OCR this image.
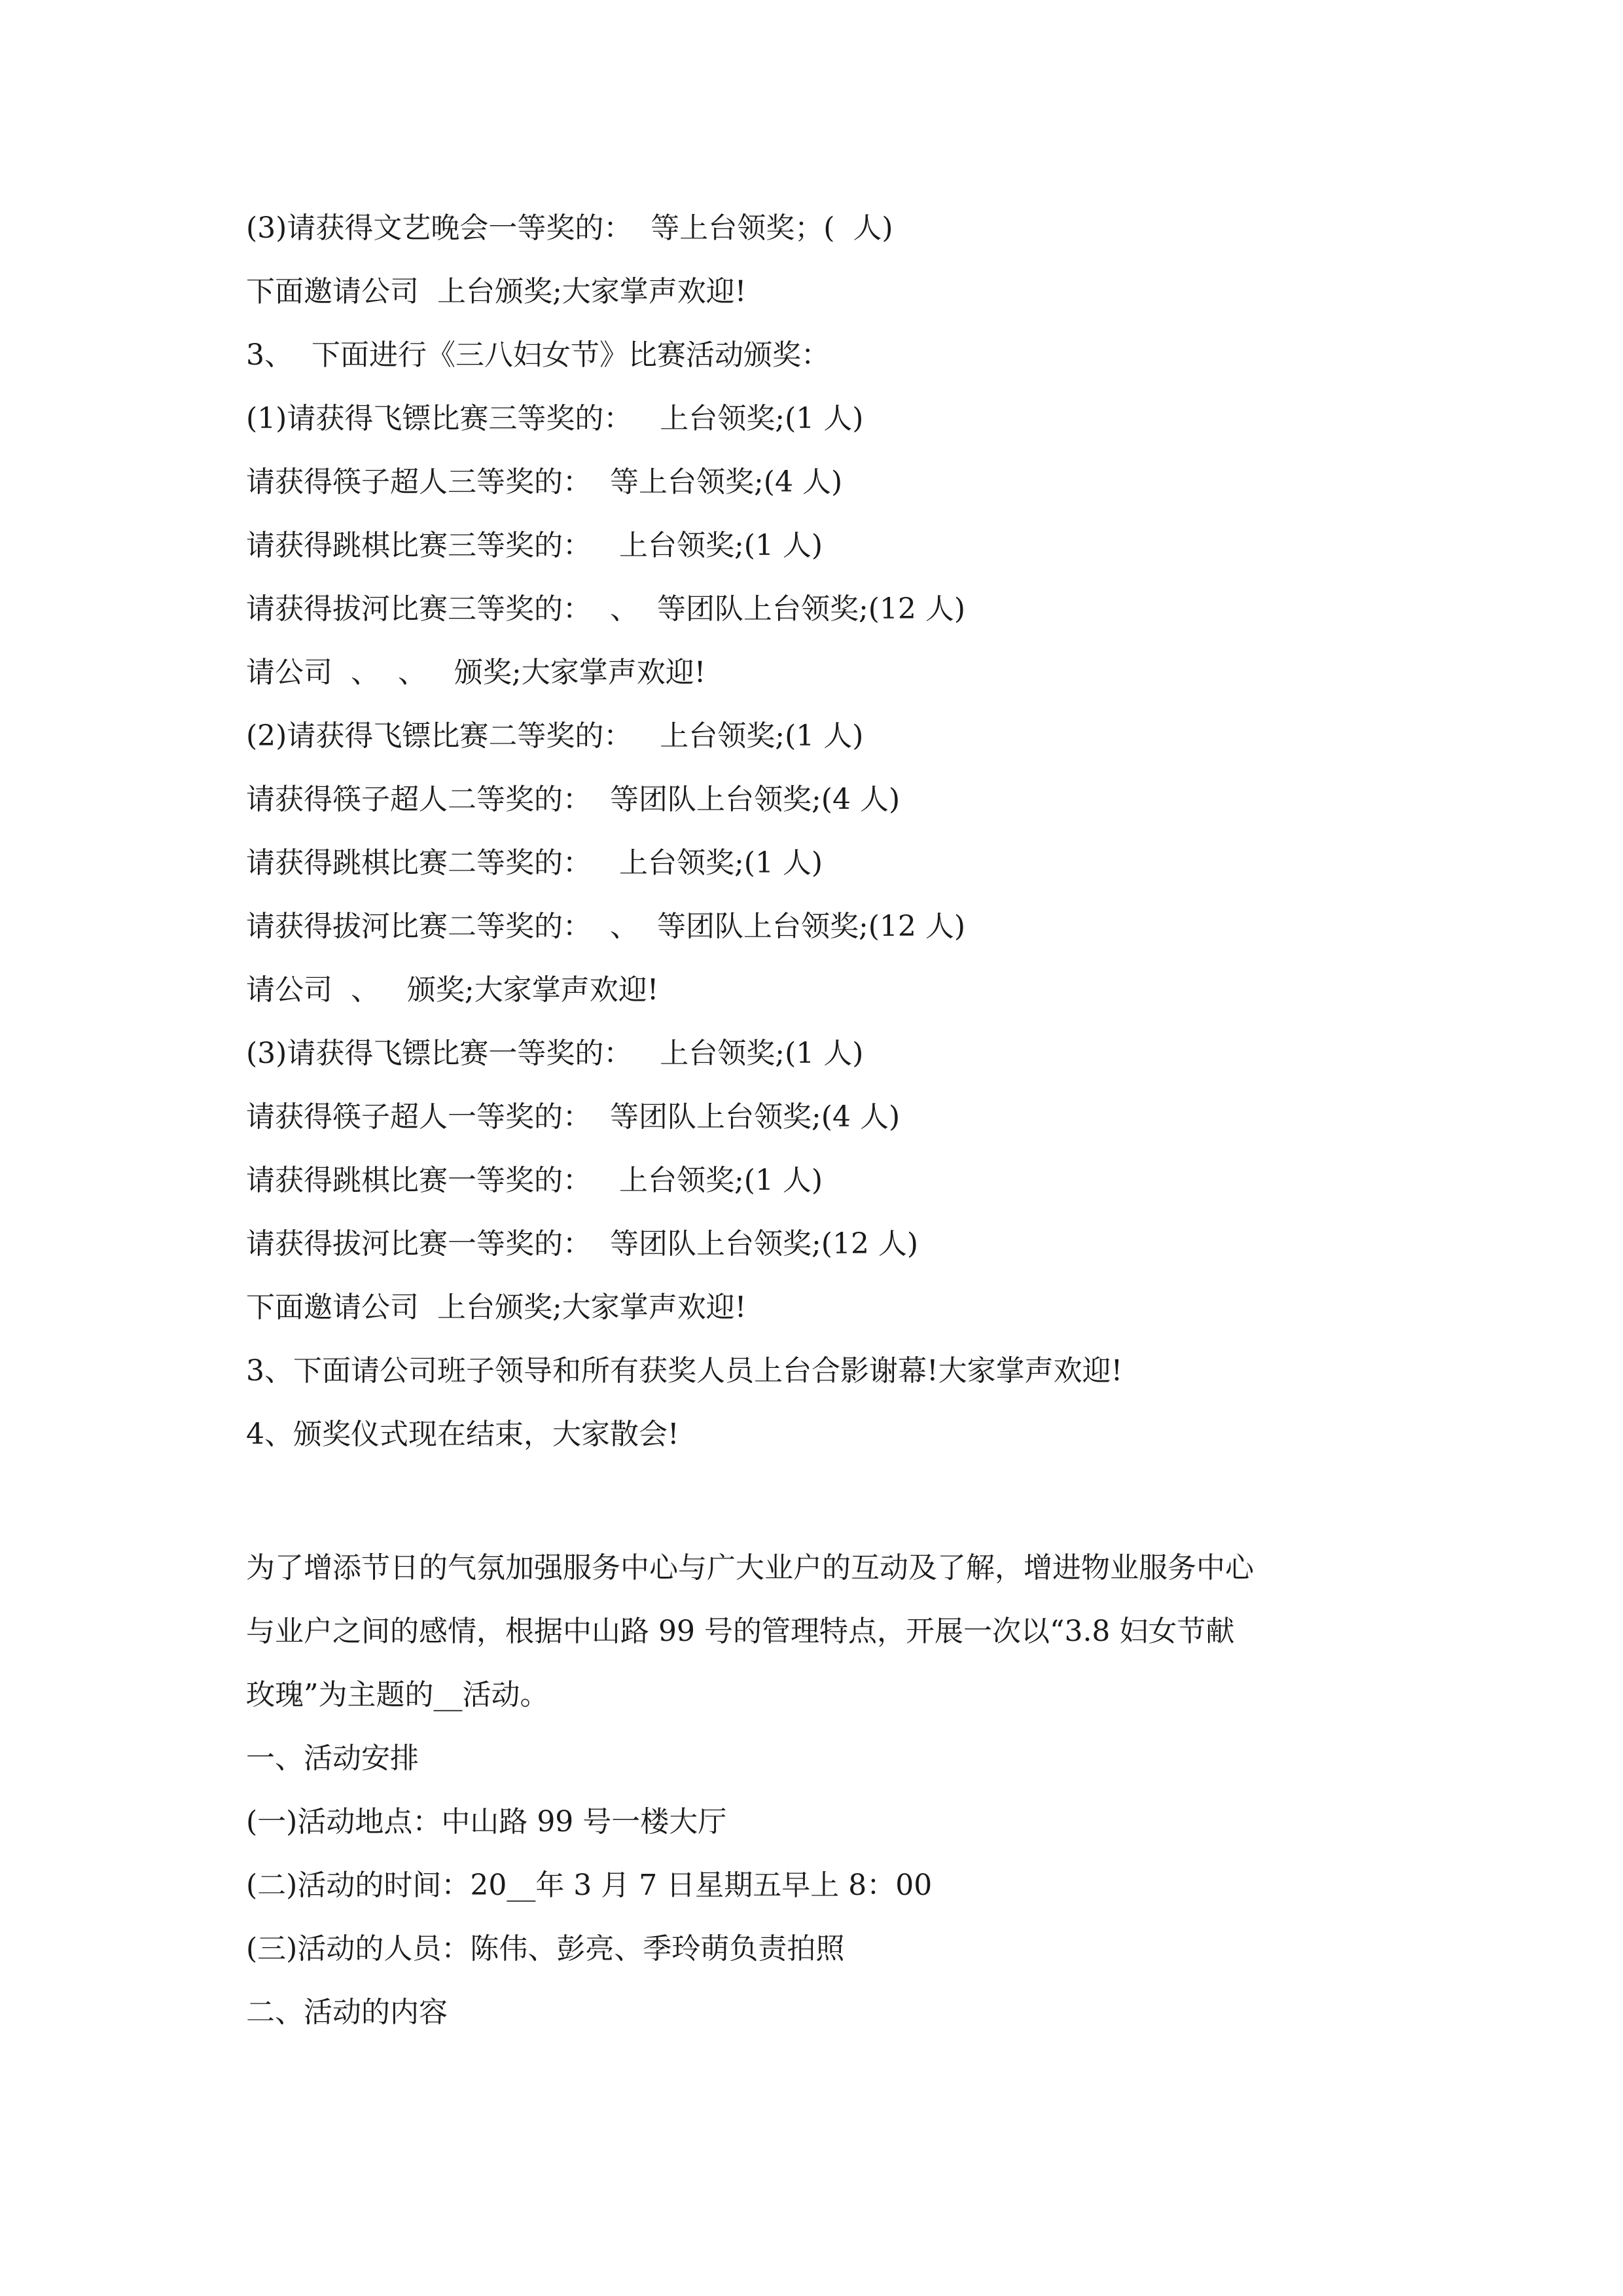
(3)请获得文艺晚会一等奖的：  等上台领奖；(  人)
下面邀请公司  上台颁奖;大家掌声欢迎!
3、  下面进行《三八妇女节》比赛活动颁奖：
(1)请获得飞镖比赛三等奖的：   上台领奖;(1 人)
请获得筷子超人三等奖的：  等上台领奖;(4 人)
请获得跳棋比赛三等奖的：   上台领奖;(1 人)
请获得拔河比赛三等奖的：  、  等团队上台领奖;(12 人)
请公司  、  、   颁奖;大家掌声欢迎!
(2)请获得飞镖比赛二等奖的：   上台领奖;(1 人)
请获得筷子超人二等奖的：  等团队上台领奖;(4 人)
请获得跳棋比赛二等奖的：   上台领奖;(1 人)
请获得拔河比赛二等奖的：  、  等团队上台领奖;(12 人)
请公司  、   颁奖;大家掌声欢迎!
(3)请获得飞镖比赛一等奖的：   上台领奖;(1 人)
请获得筷子超人一等奖的：  等团队上台领奖;(4 人)
请获得跳棋比赛一等奖的：   上台领奖;(1 人)
请获得拔河比赛一等奖的：  等团队上台领奖;(12 人)
下面邀请公司  上台颁奖;大家掌声欢迎!
3、下面请公司班子领导和所有获奖人员上台合影谢幕!大家掌声欢迎!
4、颁奖仪式现在结束，大家散会!
为了增添节日的气氛加强服务中心与广大业户的互动及了解，增进物业服务中心
与业户之间的感情，根据中山路 99 号的管理特点，开展一次以“3.8 妇女节献
玫瑰”为主题的__活动。
一、活动安排
(一)活动地点：中山路 99 号一楼大厅
(二)活动的时间：20__年 3 月 7 日星期五早上 8：00
(三)活动的人员：陈伟、彭亮、季玲萌负责拍照
二、活动的内容
